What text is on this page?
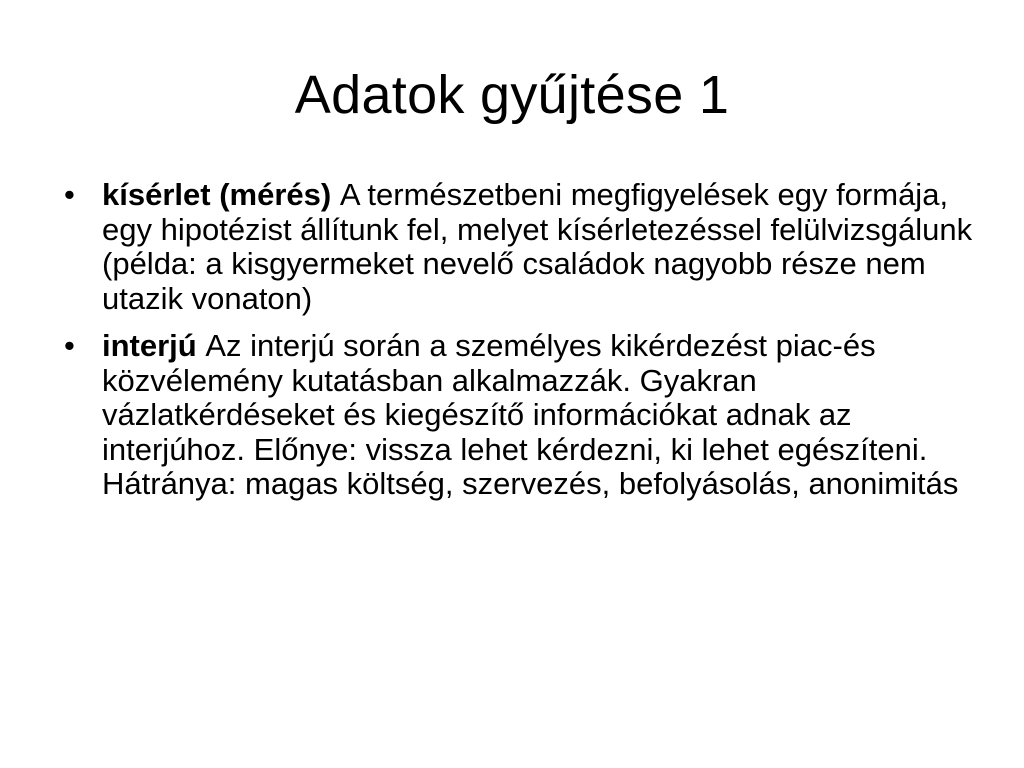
Adatok gyűjtése 1
• kísérlet (mérés) A természetbeni megfigyelések egy formája, egy hipotézist állítunk fel, melyet kísérletezéssel felülvizsgálunk (példa: a kisgyermeket nevelő családok nagyobb része nem utazik vonaton)
• interjú Az interjú során a személyes kikérdezést piac-és közvélemény kutatásban alkalmazzák. Gyakran vázlatkérdéseket és kiegészítő információkat adnak az interjúhoz. Előnye: vissza lehet kérdezni, ki lehet egészíteni. Hátránya: magas költség, szervezés, befolyásolás, anonimitás
